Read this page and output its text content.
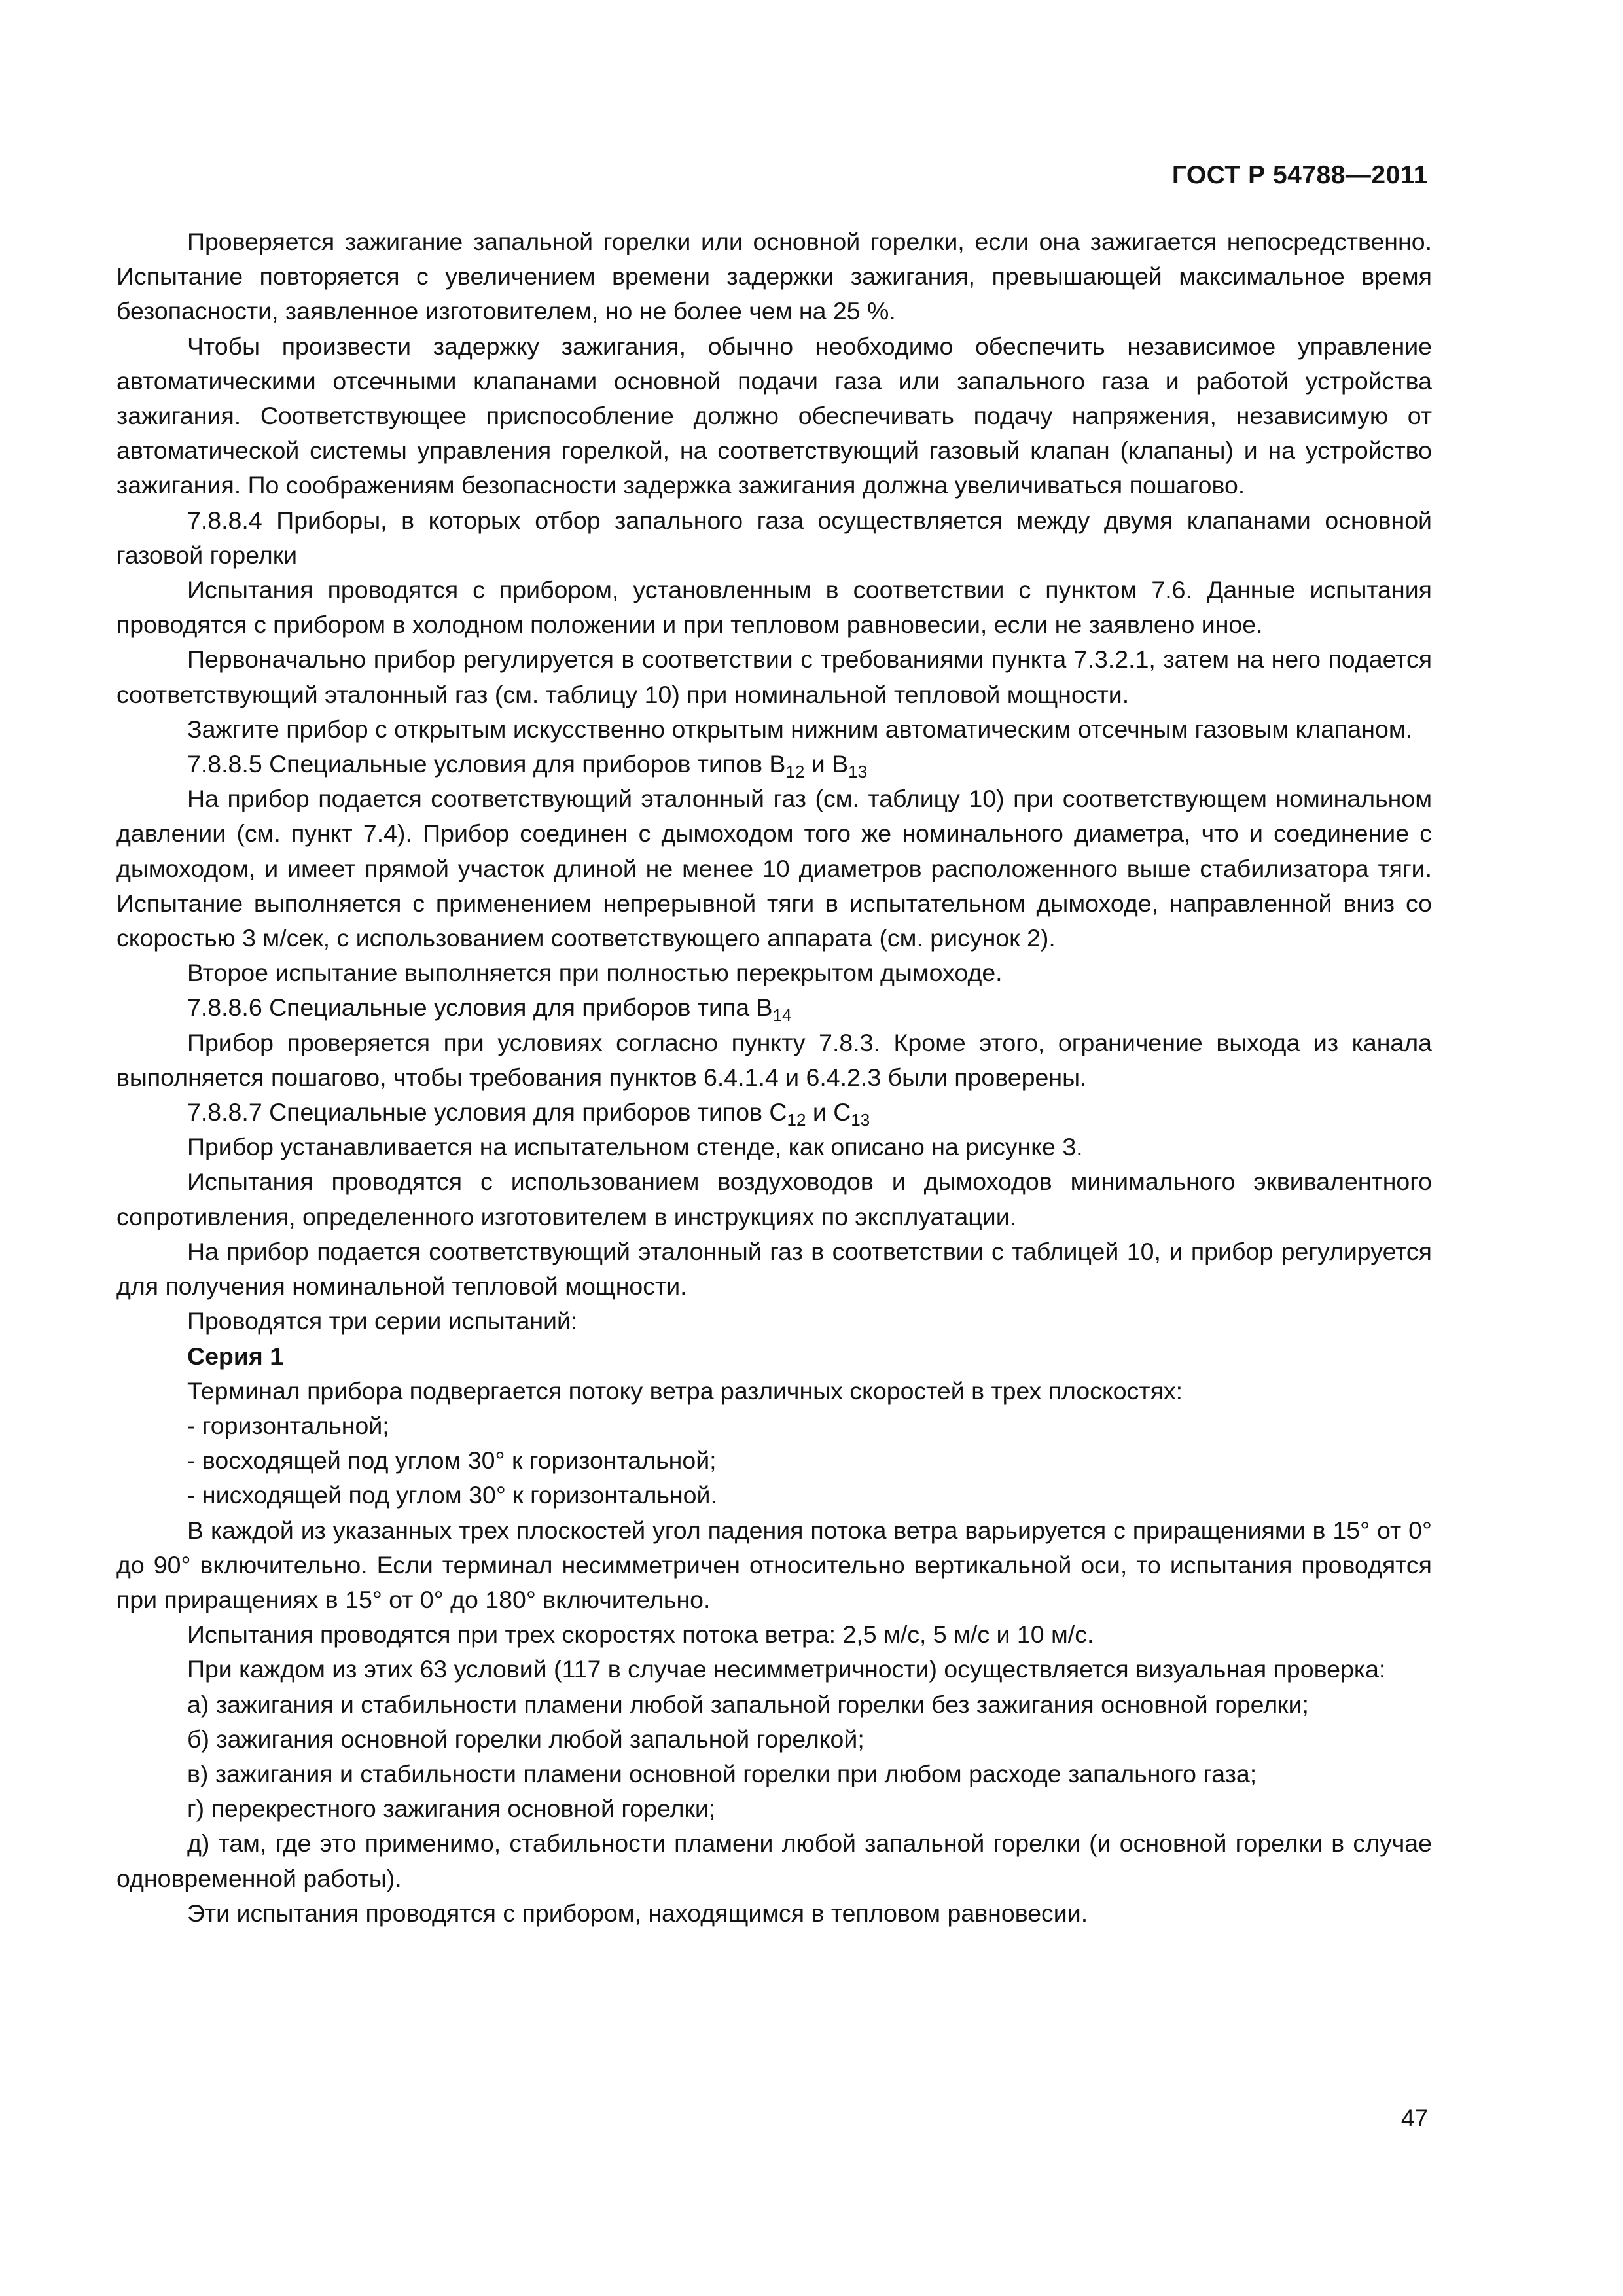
ГОСТ Р 54788—2011

Проверяется зажигание запальной горелки или основной горелки, если она зажигается непосредственно. Испытание повторяется с увеличением времени задержки зажигания, превышающей максимальное время безопасности, заявленное изготовителем, но не более чем на 25 %.

Чтобы произвести задержку зажигания, обычно необходимо обеспечить независимое управление автоматическими отсечными клапанами основной подачи газа или запального газа и работой устройства зажигания. Соответствующее приспособление должно обеспечивать подачу напряжения, независимую от автоматической системы управления горелкой, на соответствующий газовый клапан (клапаны) и на устройство зажигания. По соображениям безопасности задержка зажигания должна увеличиваться пошагово.

7.8.8.4 Приборы, в которых отбор запального газа осуществляется между двумя клапанами основной газовой горелки

Испытания проводятся с прибором, установленным в соответствии с пунктом 7.6. Данные испытания проводятся с прибором в холодном положении и при тепловом равновесии, если не заявлено иное.

Первоначально прибор регулируется в соответствии с требованиями пункта 7.3.2.1, затем на него подается соответствующий эталонный газ (см. таблицу 10) при номинальной тепловой мощности.

Зажгите прибор с открытым искусственно открытым нижним автоматическим отсечным газовым клапаном.

7.8.8.5 Специальные условия для приборов типов $В_{12}$ и $В_{13}$

На прибор подается соответствующий эталонный газ (см. таблицу 10) при соответствующем номинальном давлении (см. пункт 7.4). Прибор соединен с дымоходом того же номинального диаметра, что и соединение с дымоходом, и имеет прямой участок длиной не менее 10 диаметров расположенного выше стабилизатора тяги. Испытание выполняется с применением непрерывной тяги в испытательном дымоходе, направленной вниз со скоростью 3 м/сек, с использованием соответствующего аппарата (см. рисунок 2).

Второе испытание выполняется при полностью перекрытом дымоходе.

7.8.8.6 Специальные условия для приборов типа $В_{14}$

Прибор проверяется при условиях согласно пункту 7.8.3. Кроме этого, ограничение выхода из канала выполняется пошагово, чтобы требования пунктов 6.4.1.4 и 6.4.2.3 были проверены.

7.8.8.7 Специальные условия для приборов типов $С_{12}$ и $С_{13}$

Прибор устанавливается на испытательном стенде, как описано на рисунке 3.

Испытания проводятся с использованием воздуховодов и дымоходов минимального эквивалентного сопротивления, определенного изготовителем в инструкциях по эксплуатации.

На прибор подается соответствующий эталонный газ в соответствии с таблицей 10, и прибор регулируется для получения номинальной тепловой мощности.

Проводятся три серии испытаний:

Серия 1

Терминал прибора подвергается потоку ветра различных скоростей в трех плоскостях:

- горизонтальной;

- восходящей под углом 30° к горизонтальной;

- нисходящей под углом 30° к горизонтальной.

В каждой из указанных трех плоскостей угол падения потока ветра варьируется с приращениями в 15° от 0° до 90° включительно. Если терминал несимметричен относительно вертикальной оси, то испытания проводятся при приращениях в 15° от 0° до 180° включительно.

Испытания проводятся при трех скоростях потока ветра: 2,5 м/с, 5 м/с и 10 м/с.

При каждом из этих 63 условий (117 в случае несимметричности) осуществляется визуальная проверка:

а) зажигания и стабильности пламени любой запальной горелки без зажигания основной горелки;

б) зажигания основной горелки любой запальной горелкой;

в) зажигания и стабильности пламени основной горелки при любом расходе запального газа;

г) перекрестного зажигания основной горелки;

д) там, где это применимо, стабильности пламени любой запальной горелки (и основной горелки в случае одновременной работы).

Эти испытания проводятся с прибором, находящимся в тепловом равновесии.

47
